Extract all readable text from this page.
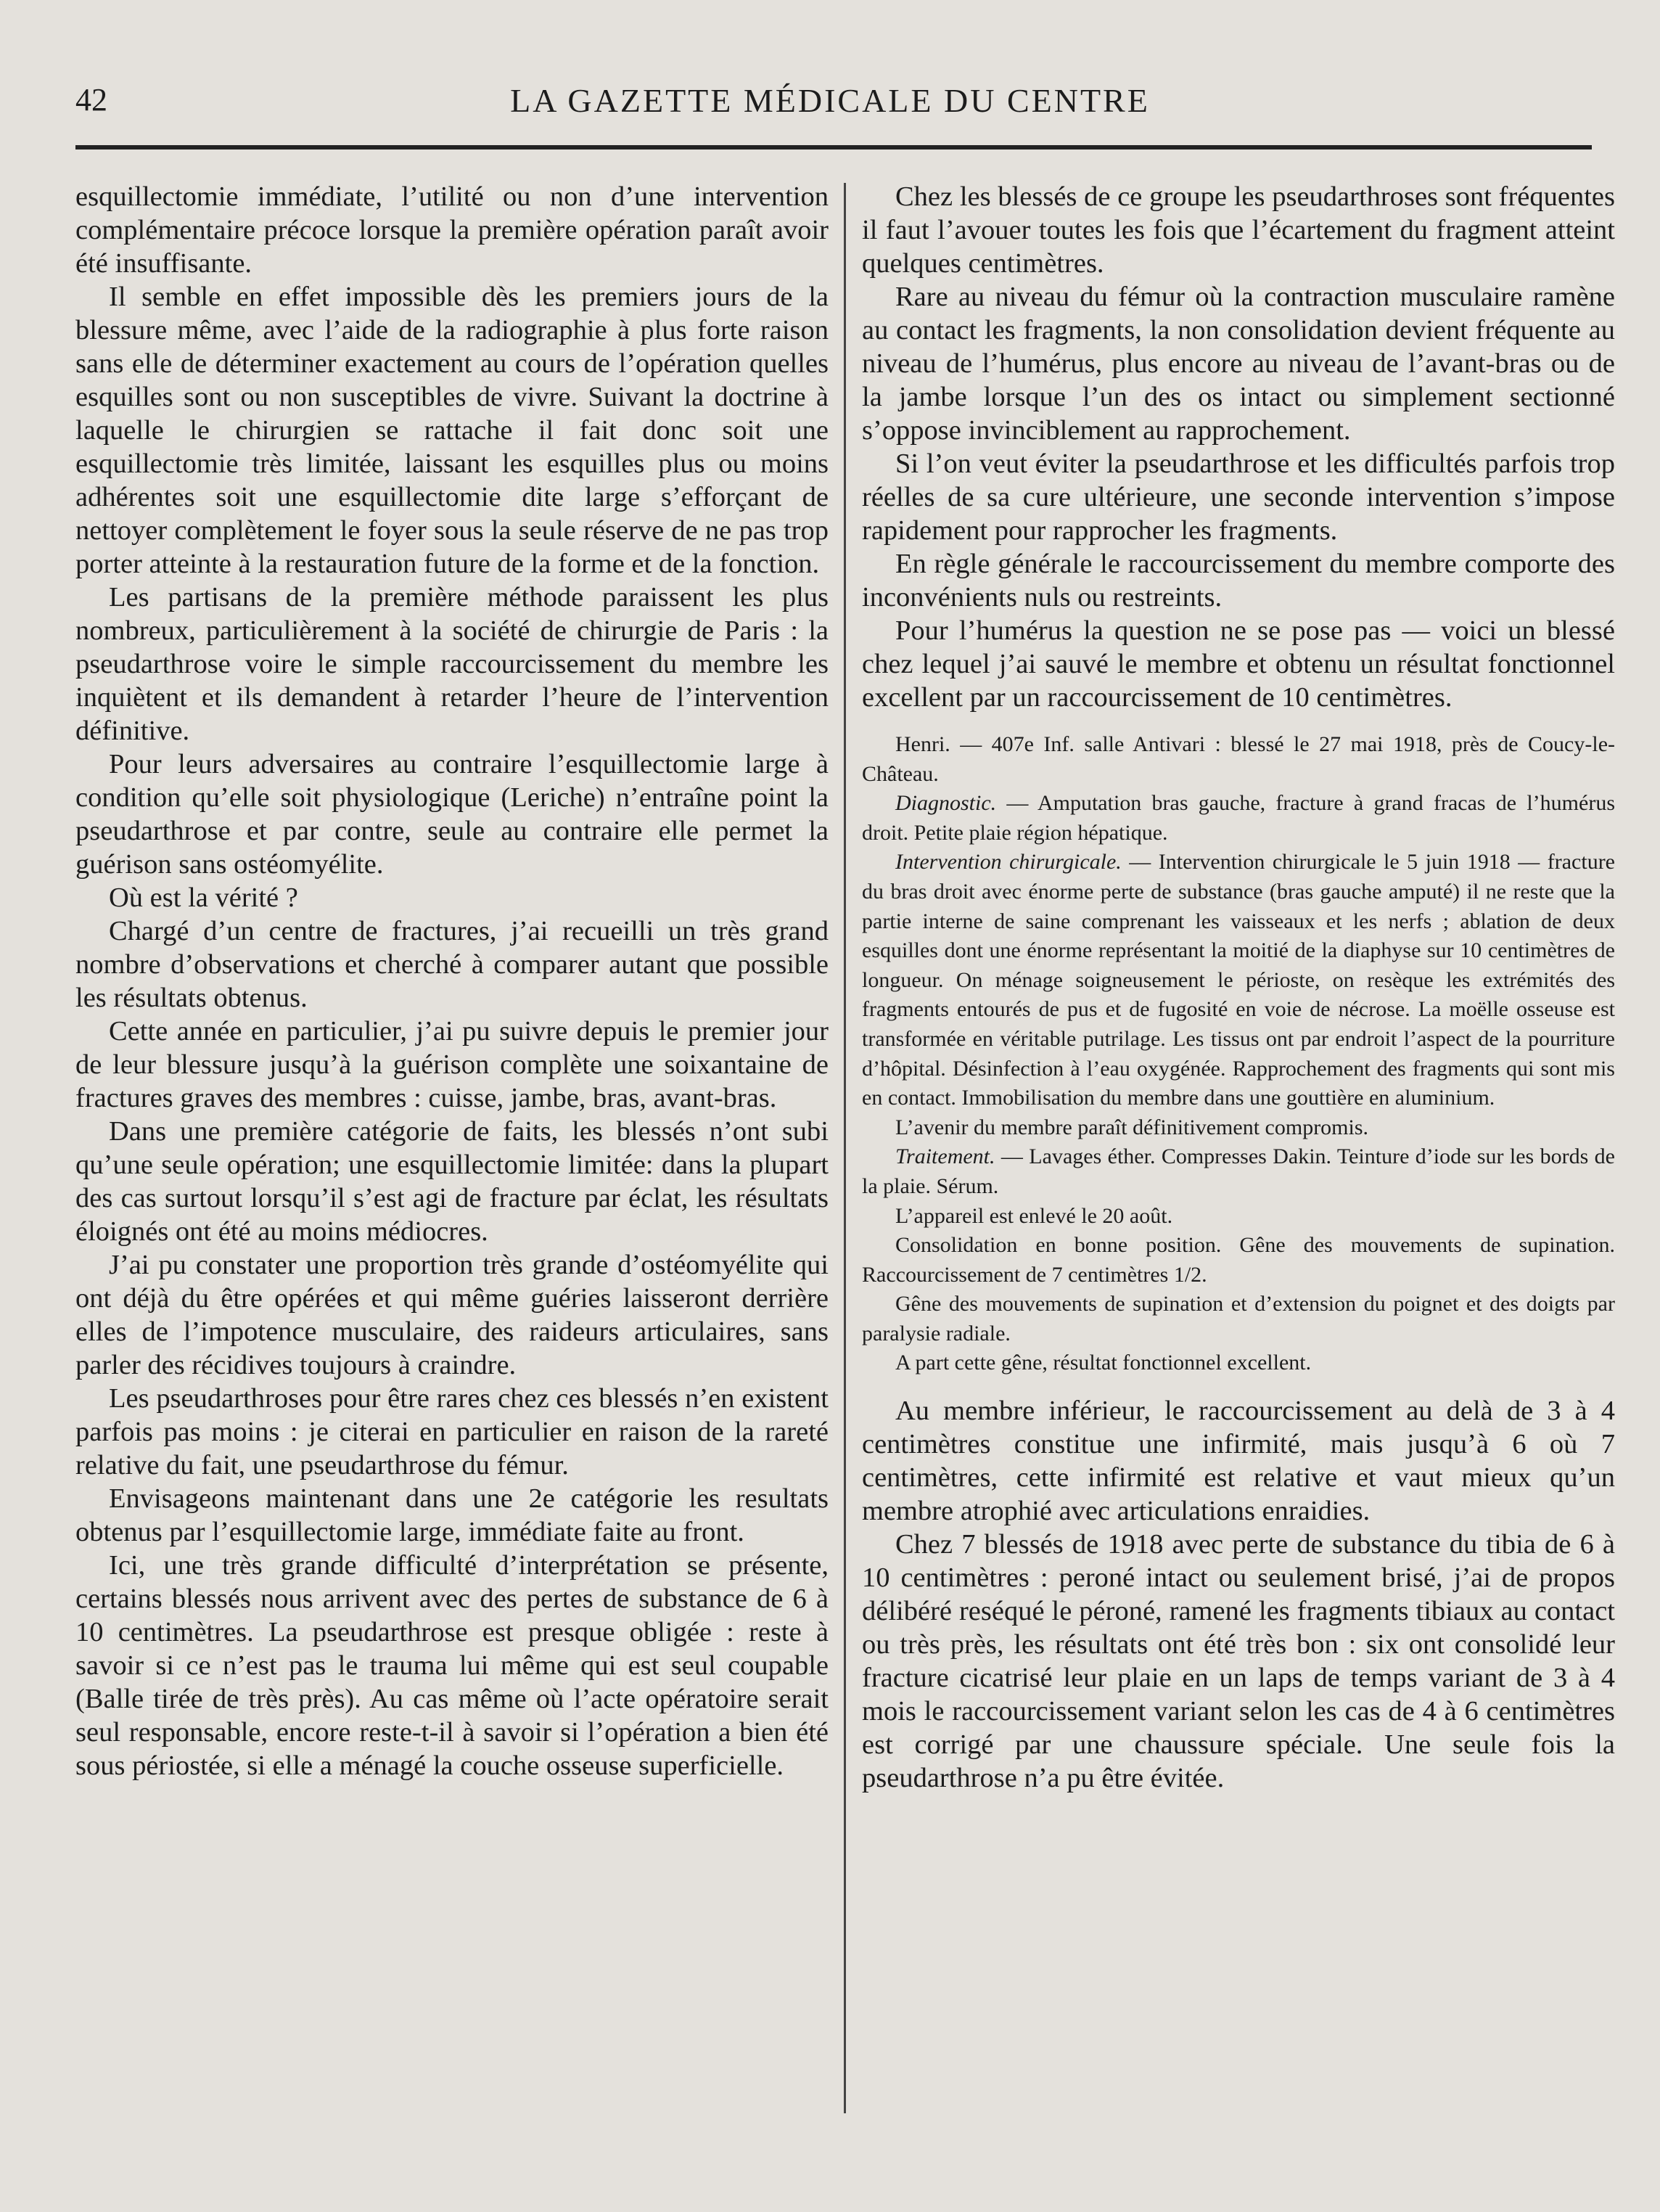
42	LA GAZETTE MÉDICALE DU CENTRE

esquillectomie immédiate, l’utilité ou non d’une intervention complémentaire précoce lorsque la première opération paraît avoir été insuffisante.

Il semble en effet impossible dès les premiers jours de la blessure même, avec l’aide de la radiographie à plus forte raison sans elle de déterminer exactement au cours de l’opération quelles esquilles sont ou non susceptibles de vivre. Suivant la doctrine à laquelle le chirurgien se rattache il fait donc soit une esquillectomie très limitée, laissant les esquilles plus ou moins adhérentes soit une esquillectomie dite large s’efforçant de nettoyer complètement le foyer sous la seule réserve de ne pas trop porter atteinte à la restauration future de la forme et de la fonction.

Les partisans de la première méthode paraissent les plus nombreux, particulièrement à la société de chirurgie de Paris : la pseudarthrose voire le simple raccourcissement du membre les inquiètent et ils demandent à retarder l’heure de l’intervention définitive.

Pour leurs adversaires au contraire l’esquillectomie large à condition qu’elle soit physiologique (Leriche) n’entraîne point la pseudarthrose et par contre, seule au contraire elle permet la guérison sans ostéomyélite.

Où est la vérité ?

Chargé d’un centre de fractures, j’ai recueilli un très grand nombre d’observations et cherché à comparer autant que possible les résultats obtenus.

Cette année en particulier, j’ai pu suivre depuis le premier jour de leur blessure jusqu’à la guérison complète une soixantaine de fractures graves des membres : cuisse, jambe, bras, avant-bras.

Dans une première catégorie de faits, les blessés n’ont subi qu’une seule opération; une esquillectomie limitée: dans la plupart des cas surtout lorsqu’il s’est agi de fracture par éclat, les résultats éloignés ont été au moins médiocres.

J’ai pu constater une proportion très grande d’ostéomyélite qui ont déjà du être opérées et qui même guéries laisseront derrière elles de l’impotence musculaire, des raideurs articulaires, sans parler des récidives toujours à craindre.

Les pseudarthroses pour être rares chez ces blessés n’en existent parfois pas moins : je citerai en particulier en raison de la rareté relative du fait, une pseudarthrose du fémur.

Envisageons maintenant dans une 2e catégorie les resultats obtenus par l’esquillectomie large, immédiate faite au front.

Ici, une très grande difficulté d’interprétation se présente, certains blessés nous arrivent avec des pertes de substance de 6 à 10 centimètres. La pseudarthrose est presque obligée : reste à savoir si ce n’est pas le trauma lui même qui est seul coupable (Balle tirée de très près). Au cas même où l’acte opératoire serait seul responsable, encore reste-t-il à savoir si l’opération a bien été sous périostée, si elle a ménagé la couche osseuse superficielle.

Chez les blessés de ce groupe les pseudarthroses sont fréquentes il faut l’avouer toutes les fois que l’écartement du fragment atteint quelques centimètres.

Rare au niveau du fémur où la contraction musculaire ramène au contact les fragments, la non consolidation devient fréquente au niveau de l’humérus, plus encore au niveau de l’avant-bras ou de la jambe lorsque l’un des os intact ou simplement sectionné s’oppose invinciblement au rapprochement.

Si l’on veut éviter la pseudarthrose et les difficultés parfois trop réelles de sa cure ultérieure, une seconde intervention s’impose rapidement pour rapprocher les fragments.

En règle générale le raccourcissement du membre comporte des inconvénients nuls ou restreints.

Pour l’humérus la question ne se pose pas — voici un blessé chez lequel j’ai sauvé le membre et obtenu un résultat fonctionnel excellent par un raccourcissement de 10 centimètres.

Henri. — 407e Inf. salle Antivari : blessé le 27 mai 1918, près de Coucy-le-Château.

Diagnostic. — Amputation bras gauche, fracture à grand fracas de l’humérus droit. Petite plaie région hépatique.

Intervention chirurgicale. — Intervention chirurgicale le 5 juin 1918 — fracture du bras droit avec énorme perte de substance (bras gauche amputé) il ne reste que la partie interne de saine comprenant les vaisseaux et les nerfs ; ablation de deux esquilles dont une énorme représentant la moitié de la diaphyse sur 10 centimètres de longueur. On ménage soigneusement le périoste, on resèque les extrémités des fragments entourés de pus et de fugosité en voie de nécrose. La moëlle osseuse est transformée en véritable putrilage. Les tissus ont par endroit l’aspect de la pourriture d’hôpital. Désinfection à l’eau oxygénée. Rapprochement des fragments qui sont mis en contact. Immobilisation du membre dans une gouttière en aluminium.

L’avenir du membre paraît définitivement compromis.

Traitement. — Lavages éther. Compresses Dakin. Teinture d’iode sur les bords de la plaie. Sérum.

L’appareil est enlevé le 20 août.

Consolidation en bonne position. Gêne des mouvements de supination. Raccourcissement de 7 centimètres 1/2.

Gêne des mouvements de supination et d’extension du poignet et des doigts par paralysie radiale.

A part cette gêne, résultat fonctionnel excellent.

Au membre inférieur, le raccourcissement au delà de 3 à 4 centimètres constitue une infirmité, mais jusqu’à 6 où 7 centimètres, cette infirmité est relative et vaut mieux qu’un membre atrophié avec articulations enraidies.

Chez 7 blessés de 1918 avec perte de substance du tibia de 6 à 10 centimètres : peroné intact ou seulement brisé, j’ai de propos délibéré reséqué le péroné, ramené les fragments tibiaux au contact ou très près, les résultats ont été très bon : six ont consolidé leur fracture cicatrisé leur plaie en un laps de temps variant de 3 à 4 mois le raccourcissement variant selon les cas de 4 à 6 centimètres est corrigé par une chaussure spéciale. Une seule fois la pseudarthrose n’a pu être évitée.
